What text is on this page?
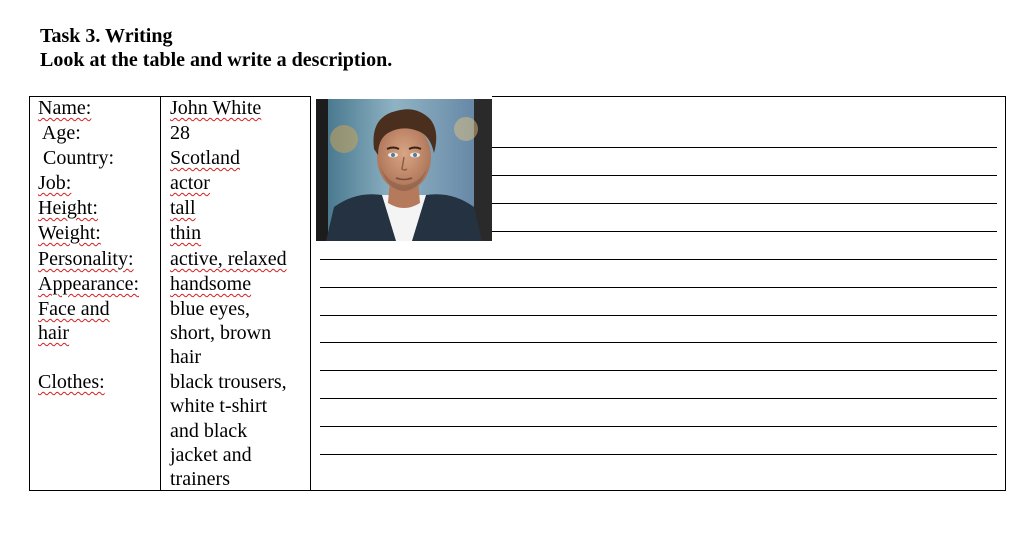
Task 3. Writing
Look at the table and write a description.
Name:
Age:
Country:
Job:
Height:
Weight:
Personality:
Appearance:
Face and
hair
Clothes:
John White
28
Scotland
actor
tall
thin
active, relaxed
handsome
blue eyes,
short, brown
hair
black trousers,
white t-shirt
and black
jacket and
trainers
